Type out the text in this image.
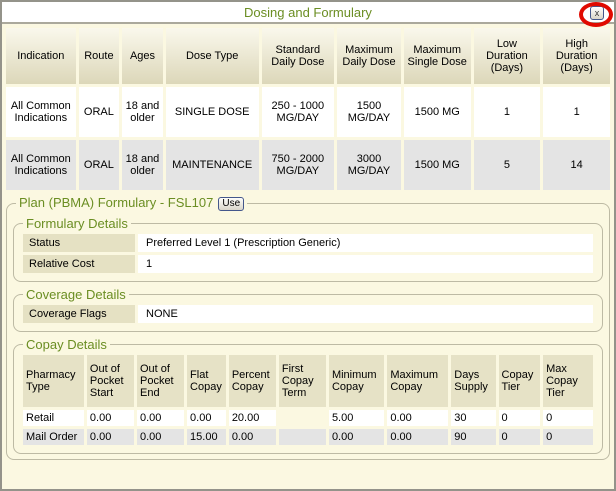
Dosing and Formulary	x
Indication	Route	Ages	Dose Type	Standard Daily Dose	Maximum Daily Dose	Maximum Single Dose	Low Duration (Days)	High Duration (Days)
All Common Indications	ORAL	18 and older	SINGLE DOSE	250 - 1000 MG/DAY	1500 MG/DAY	1500 MG	1	1
All Common Indications	ORAL	18 and older	MAINTENANCE	750 - 2000 MG/DAY	3000 MG/DAY	1500 MG	5	14
Plan (PBMA) Formulary - FSL107 Use
Formulary Details
Status	Preferred Level 1 (Prescription Generic)
Relative Cost	1
Coverage Details
Coverage Flags	NONE
Copay Details
Pharmacy Type	Out of Pocket Start	Out of Pocket End	Flat Copay	Percent Copay	First Copay Term	Minimum Copay	Maximum Copay	Days Supply	Copay Tier	Max Copay Tier
Retail	0.00	0.00	0.00	20.00		5.00	0.00	30	0	0
Mail Order	0.00	0.00	15.00	0.00		0.00	0.00	90	0	0
